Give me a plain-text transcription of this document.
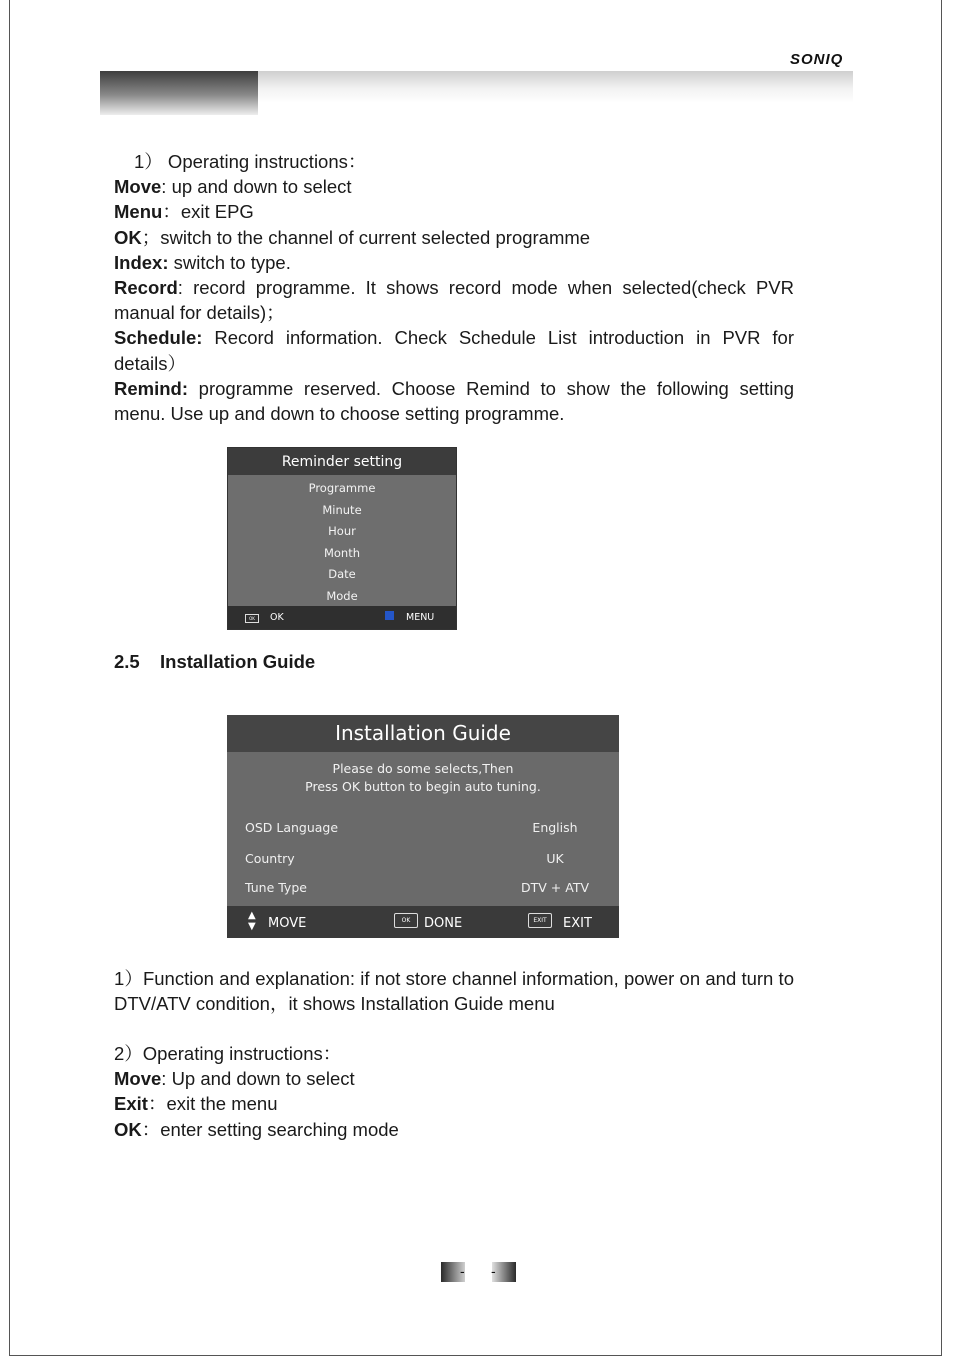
SONIQ

1） Operating instructions：

Move: up and down to select

Menu：exit EPG

OK；switch to the channel of current selected programme

Index: switch to type.

Record: record programme. It shows record mode when selected(check PVR manual for details)；

Schedule: Record information. Check Schedule List introduction in PVR for details）

Remind: programme reserved. Choose Remind to show the following setting menu. Use up and down to choose setting programme.

Reminder setting
Programme
Minute
Hour
Month
Date
Mode
OK	OK	MENU
2.5 Installation Guide
Installation Guide
Please do some selects,Then
Press OK button to begin auto tuning.
OSD Language	English
Country	UK
Tune Type	DTV + ATV
▲
▼ MOVE	OK	DONE	EXIT	EXIT

1）Function and explanation: if not store channel information, power on and turn to DTV/ATV condition，it shows Installation Guide menu

2）Operating instructions：

Move: Up and down to select

Exit：exit the menu

OK：enter setting searching mode

- -
